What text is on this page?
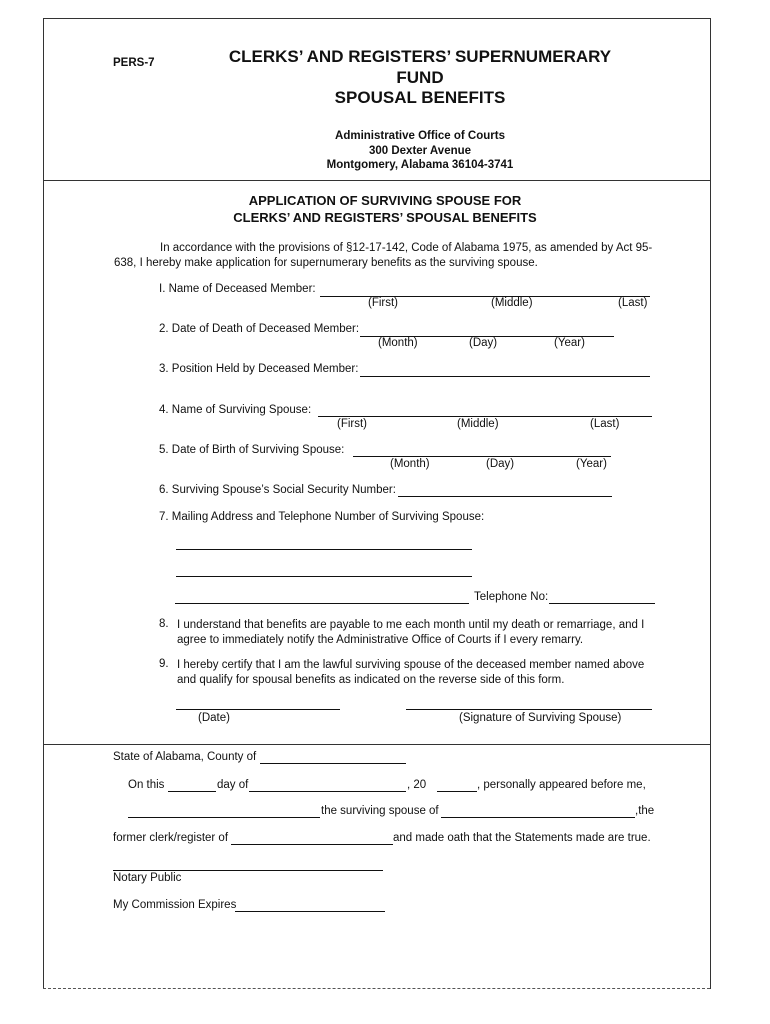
PERS-7	CLERKS’ AND REGISTERS’ SUPERNUMERARY
FUND
SPOUSAL BENEFITS
Administrative Office of Courts
300 Dexter Avenue
Montgomery, Alabama 36104-3741
APPLICATION OF SURVIVING SPOUSE FOR
CLERKS’ AND REGISTERS’ SPOUSAL BENEFITS
In accordance with the provisions of §12-17-142, Code of Alabama 1975, as amended by Act 95-638, I hereby make application for supernumerary benefits as the surviving spouse.
I. Name of Deceased Member:
(First)	(Middle)	(Last)
2. Date of Death of Deceased Member:
(Month)	(Day)	(Year)
3. Position Held by Deceased Member:
4. Name of Surviving Spouse:
(First)	(Middle)	(Last)
5. Date of Birth of Surviving Spouse:
(Month)	(Day)	(Year)
6. Surviving Spouse’s Social Security Number:
7. Mailing Address and Telephone Number of Surviving Spouse:
Telephone No:
8. I understand that benefits are payable to me each month until my death or remarriage, and I agree to immediately notify the Administrative Office of Courts if I every remarry.
9. I hereby certify that I am the lawful surviving spouse of the deceased member named above and qualify for spousal benefits as indicated on the reverse side of this form.
(Date)	(Signature of Surviving Spouse)
State of Alabama, County of
On this	day of	, 20	, personally appeared before me,
the surviving spouse of	,the
former clerk/register of	and made oath that the Statements made are true.
Notary Public
My Commission Expires
